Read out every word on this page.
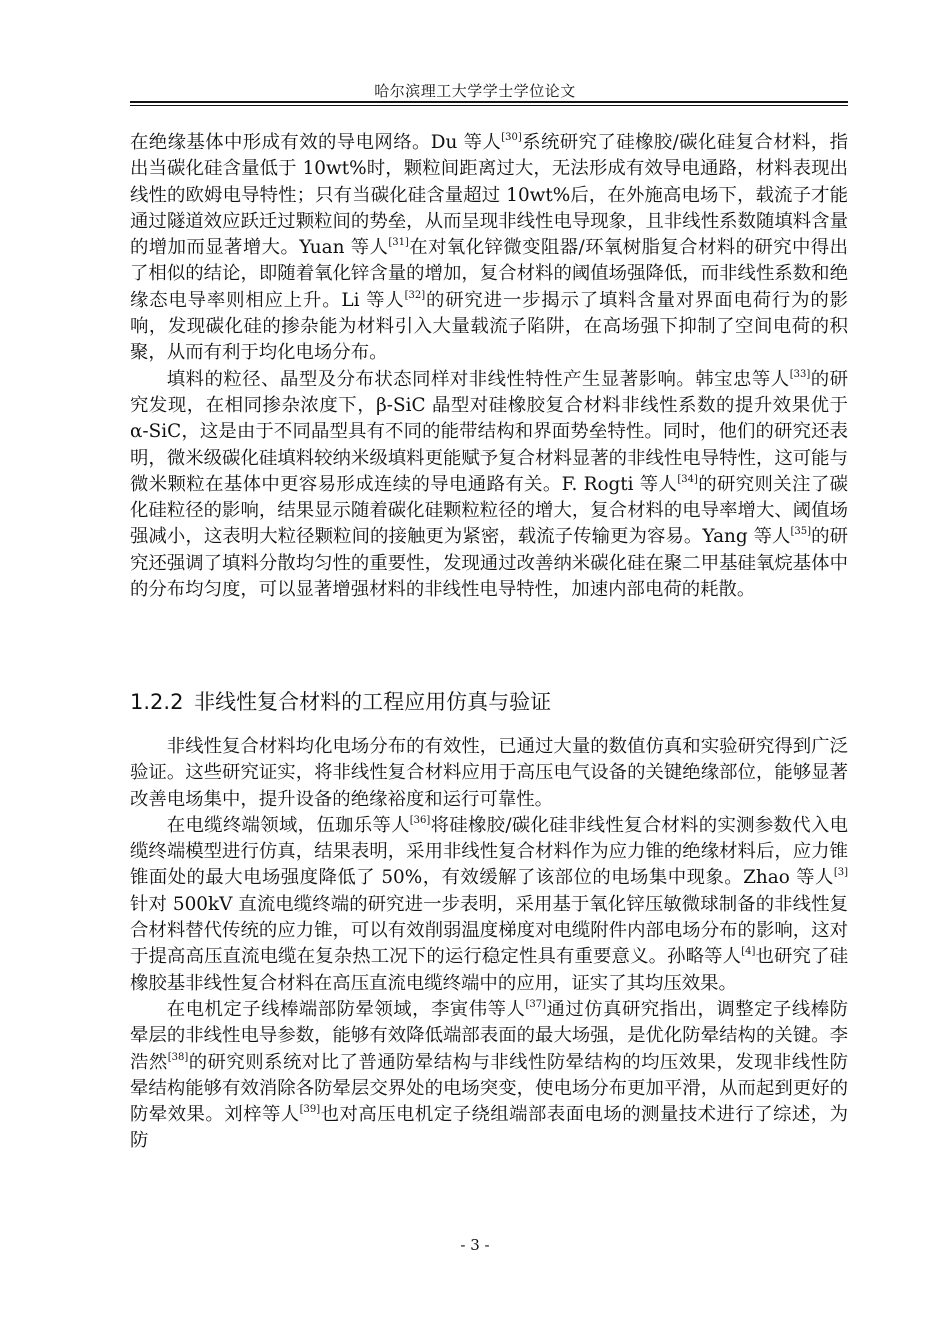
哈尔滨理工大学学士学位论文

在绝缘基体中形成有效的导电网络。Du 等人[30]系统研究了硅橡胶/碳化硅复合材料，指出当碳化硅含量低于 10wt%时，颗粒间距离过大，无法形成有效导电通路，材料表现出线性的欧姆电导特性；只有当碳化硅含量超过 10wt%后，在外施高电场下，载流子才能通过隧道效应跃迁过颗粒间的势垒，从而呈现非线性电导现象，且非线性系数随填料含量的增加而显著增大。Yuan 等人[31]在对氧化锌微变阻器/环氧树脂复合材料的研究中得出了相似的结论，即随着氧化锌含量的增加，复合材料的阈值场强降低，而非线性系数和绝缘态电导率则相应上升。Li 等人[32]的研究进一步揭示了填料含量对界面电荷行为的影响，发现碳化硅的掺杂能为材料引入大量载流子陷阱，在高场强下抑制了空间电荷的积聚，从而有利于均化电场分布。

填料的粒径、晶型及分布状态同样对非线性特性产生显著影响。韩宝忠等人[33]的研究发现，在相同掺杂浓度下，β-SiC 晶型对硅橡胶复合材料非线性系数的提升效果优于 α-SiC，这是由于不同晶型具有不同的能带结构和界面势垒特性。同时，他们的研究还表明，微米级碳化硅填料较纳米级填料更能赋予复合材料显著的非线性电导特性，这可能与微米颗粒在基体中更容易形成连续的导电通路有关。F. Rogti 等人[34]的研究则关注了碳化硅粒径的影响，结果显示随着碳化硅颗粒粒径的增大，复合材料的电导率增大、阈值场强减小，这表明大粒径颗粒间的接触更为紧密，载流子传输更为容易。Yang 等人[35]的研究还强调了填料分散均匀性的重要性，发现通过改善纳米碳化硅在聚二甲基硅氧烷基体中的分布均匀度，可以显著增强材料的非线性电导特性，加速内部电荷的耗散。

1.2.2 非线性复合材料的工程应用仿真与验证

非线性复合材料均化电场分布的有效性，已通过大量的数值仿真和实验研究得到广泛验证。这些研究证实，将非线性复合材料应用于高压电气设备的关键绝缘部位，能够显著改善电场集中，提升设备的绝缘裕度和运行可靠性。

在电缆终端领域，伍珈乐等人[36]将硅橡胶/碳化硅非线性复合材料的实测参数代入电缆终端模型进行仿真，结果表明，采用非线性复合材料作为应力锥的绝缘材料后，应力锥锥面处的最大电场强度降低了 50%，有效缓解了该部位的电场集中现象。Zhao 等人[3]针对 500kV 直流电缆终端的研究进一步表明，采用基于氧化锌压敏微球制备的非线性复合材料替代传统的应力锥，可以有效削弱温度梯度对电缆附件内部电场分布的影响，这对于提高高压直流电缆在复杂热工况下的运行稳定性具有重要意义。孙略等人[4]也研究了硅橡胶基非线性复合材料在高压直流电缆终端中的应用，证实了其均压效果。

在电机定子线棒端部防晕领域，李寅伟等人[37]通过仿真研究指出，调整定子线棒防晕层的非线性电导参数，能够有效降低端部表面的最大场强，是优化防晕结构的关键。李浩然[38]的研究则系统对比了普通防晕结构与非线性防晕结构的均压效果，发现非线性防晕结构能够有效消除各防晕层交界处的电场突变，使电场分布更加平滑，从而起到更好的防晕效果。刘梓等人[39]也对高压电机定子绕组端部表面电场的测量技术进行了综述，为防

- 3 -
